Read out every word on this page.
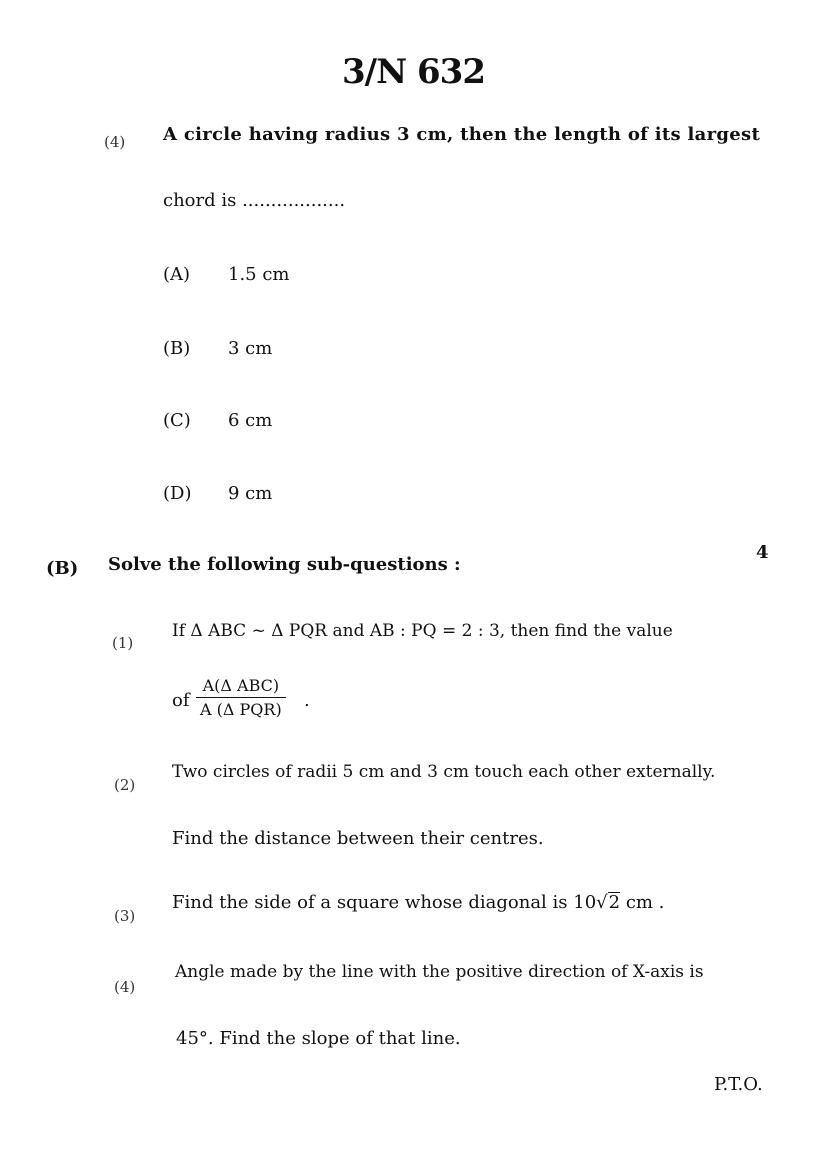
3/N 632
(4) A circle having radius 3 cm, then the length of its largest
chord is ..................
(A) 1.5 cm
(B) 3 cm
(C) 6 cm
(D) 9 cm
(B) Solve the following sub-questions :
4
(1)
If Δ ABC ~ Δ PQR and AB : PQ = 2 : 3, then find the value
of
A(Δ ABC)
A (Δ PQR) .
(2)
Two circles of radii 5 cm and 3 cm touch each other externally.
Find the distance between their centres.
(3)
Find the side of a square whose diagonal is 10√2 cm .
(4)
Angle made by the line with the positive direction of X-axis is
45°. Find the slope of that line.
P.T.O.
